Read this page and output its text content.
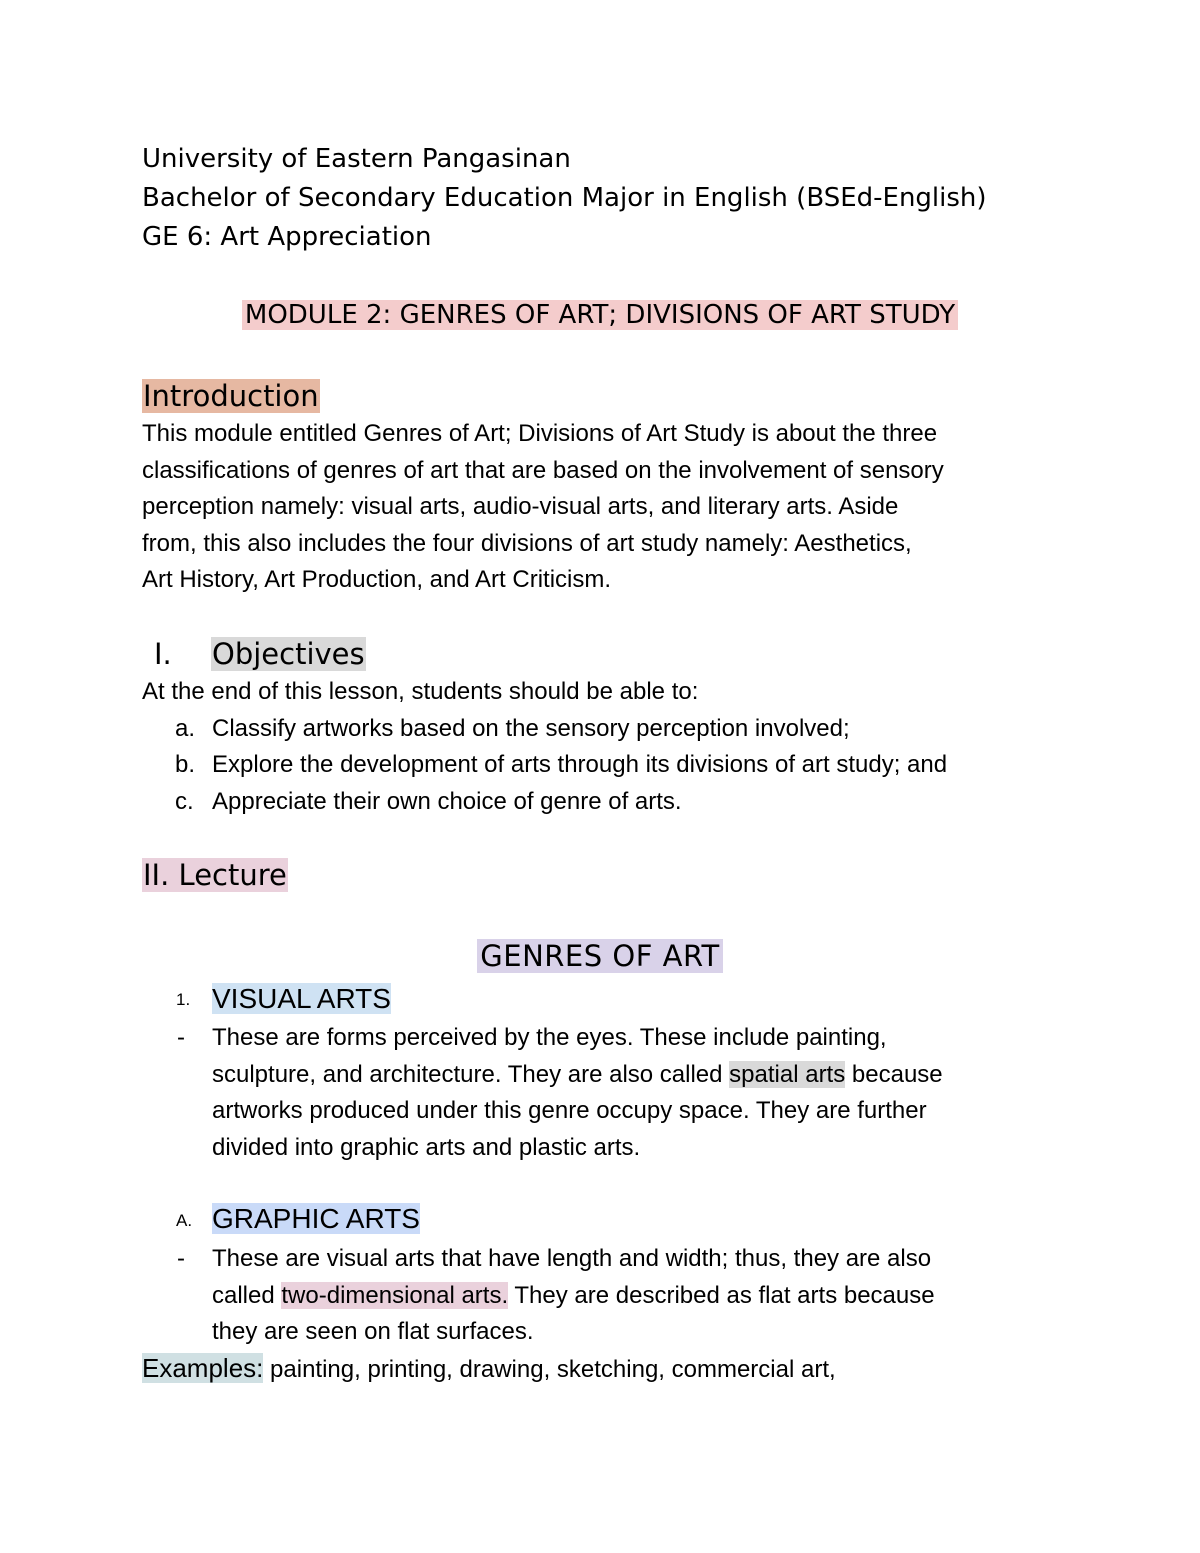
University of Eastern Pangasinan
Bachelor of Secondary Education Major in English (BSEd-English)
GE 6: Art Appreciation
MODULE 2: GENRES OF ART; DIVISIONS OF ART STUDY
Introduction

This module entitled Genres of Art; Divisions of Art Study is about the three

classifications of genres of art that are based on the involvement of sensory

perception namely: visual arts, audio-visual arts, and literary arts. Aside

from, this also includes the four divisions of art study namely: Aesthetics,

Art History, Art Production, and Art Criticism.

I. Objectives

At the end of this lesson, students should be able to:

a. Classify artworks based on the sensory perception involved;

b. Explore the development of arts through its divisions of art study; and

c. Appreciate their own choice of genre of arts.

II. Lecture
GENRES OF ART
1. VISUAL ARTS

- These are forms perceived by the eyes. These include painting,

sculpture, and architecture. They are also called spatial arts because

artworks produced under this genre occupy space. They are further

divided into graphic arts and plastic arts.

A. GRAPHIC ARTS

- These are visual arts that have length and width; thus, they are also

called two-dimensional arts. They are described as flat arts because

they are seen on flat surfaces.

Examples: painting, printing, drawing, sketching, commercial art,
